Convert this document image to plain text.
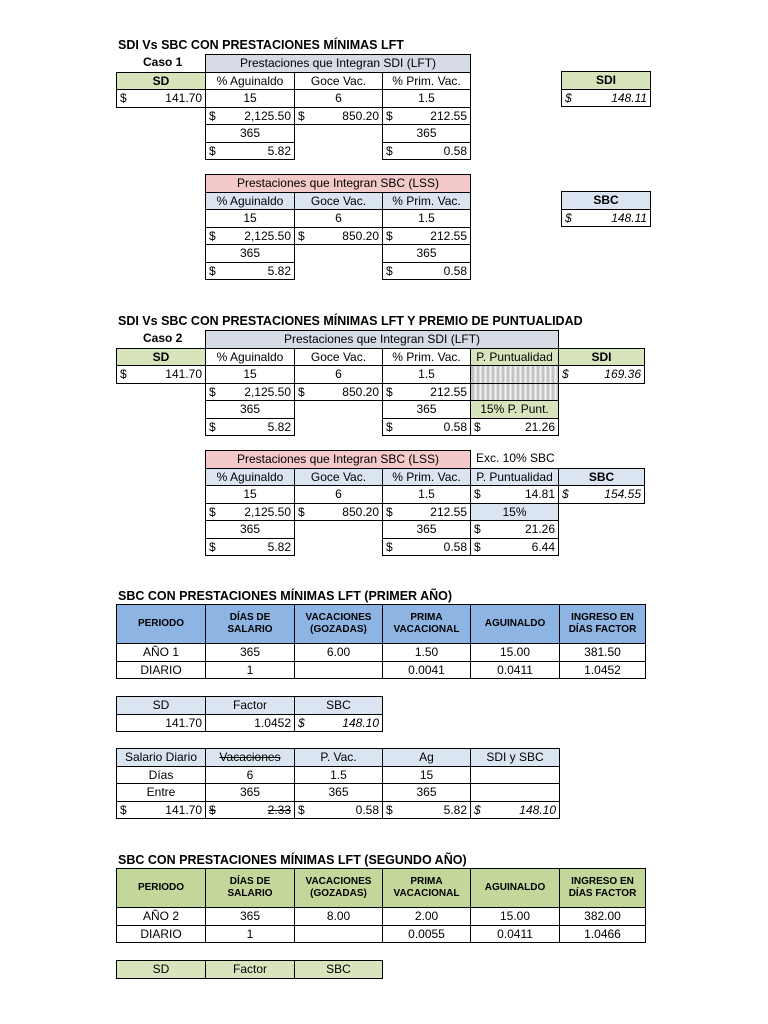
SDI Vs SBC CON PRESTACIONES MÍNIMAS LFT
Caso 1
		Prestaciones que Integran SDI (LFT)		
SD	% Aguinaldo	Goce Vac.	% Prim. Vac.

$ 141.70	15	6	1.5

	$ 2,125.50	$ 850.20	$ 212.55

	365		365

	$ 5.82		$ 0.58
SDI

$	148.11
Prestaciones que Integran SBC (LSS)		
% Aguinaldo	Goce Vac.	% Prim. Vac.
15	6	1.5

$ 2,125.50	$ 850.20	$ 212.55

365		365

$ 5.82		$ 0.58
SBC

$	148.11
SDI Vs SBC CON PRESTACIONES MÍNIMAS LFT Y PREMIO DE PUNTUALIDAD
Caso 2
		Prestaciones que Integran SDI (LFT)				
SD	% Aguinaldo	Goce Vac.	% Prim. Vac.	P. Puntualidad	SDI

$ 141.70	15	6	1.5		$ 169.36

	$ 2,125.50	$ 850.20	$ 212.55		

	365		365	15% P. Punt.	

	$ 5.82		$ 0.58	$ 21.26	

Exc. 10% SBC
Prestaciones que Integran SBC (LSS)				
% Aguinaldo	Goce Vac.	% Prim. Vac.	P. Puntualidad	SBC
15	6	1.5	$ 14.81	$ 154.55

$ 2,125.50	$ 850.20	$ 212.55	15%	
365		365	$ 21.26	

$ 5.82		$ 0.58	$ 6.44	

SBC CON PRESTACIONES MÍNIMAS LFT (PRIMER AÑO)
PERIODO	DÍAS DE SALARIO	VACACIONES (GOZADAS)	PRIMA VACACIONAL	AGUINALDO	INGRESO EN DÍAS FACTOR
AÑO 1	365	6.00	1.50	15.00	381.50
DIARIO	1		0.0041	0.0411	1.0452
SD	Factor	SBC
141.70	1.0452	$ 148.10
Salario Diario	Vacaciones	P. Vac.	Ag	SDI y SBC
Días	6	1.5	15	
Entre	365	365	365	

$ 141.70	$ 2.33	$ 0.58	$ 5.82	$ 148.10
SBC CON PRESTACIONES MÍNIMAS LFT (SEGUNDO AÑO)
PERIODO	DÍAS DE SALARIO	VACACIONES (GOZADAS)	PRIMA VACACIONAL	AGUINALDO	INGRESO EN DÍAS FACTOR
AÑO 2	365	8.00	2.00	15.00	382.00
DIARIO	1		0.0055	0.0411	1.0466
SD	Factor	SBC
